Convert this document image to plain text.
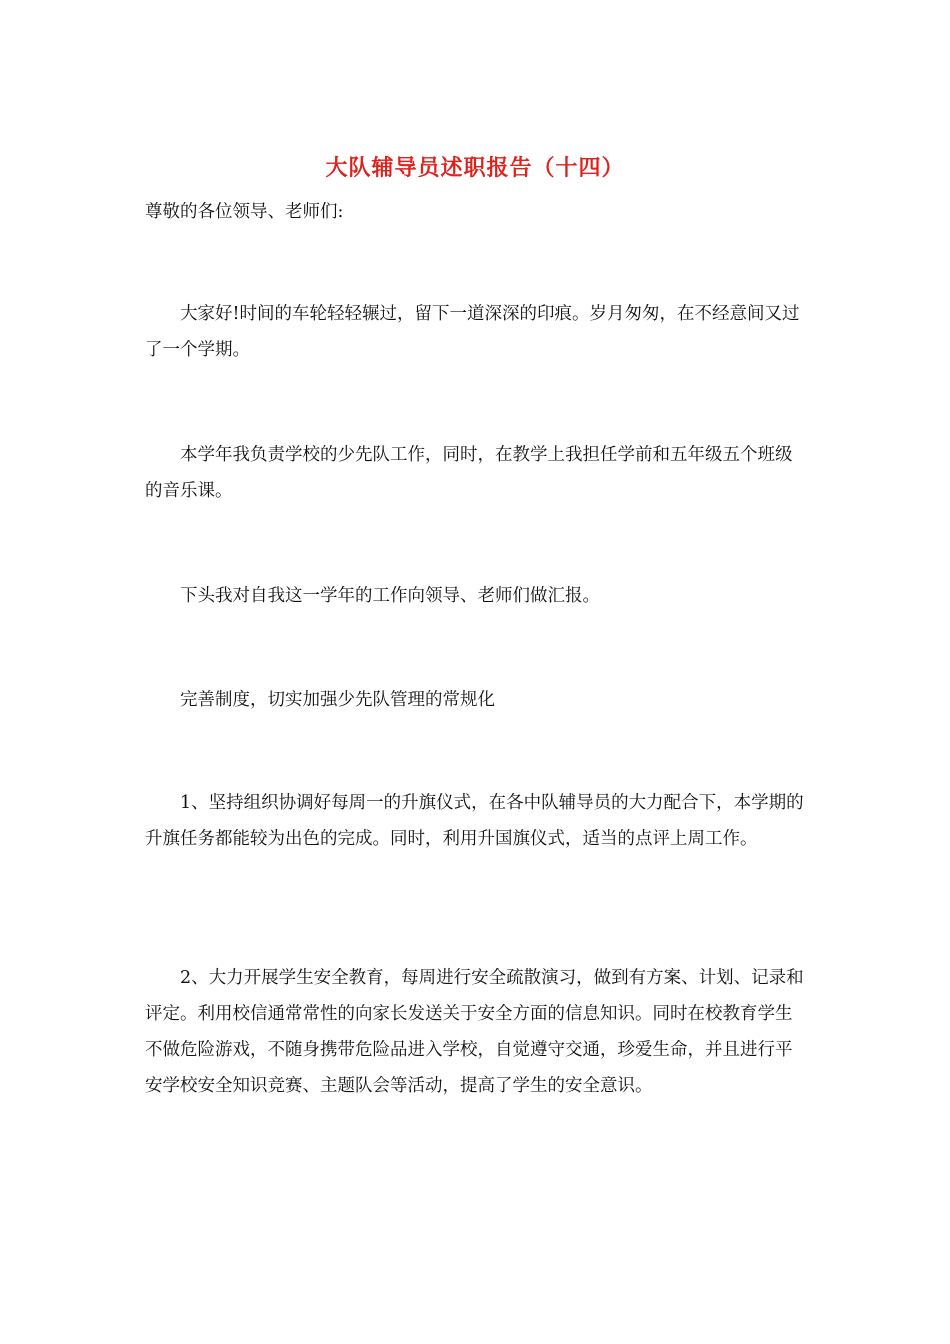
大队辅导员述职报告（十四）

尊敬的各位领导、老师们:

大家好!时间的车轮轻轻辗过，留下一道深深的印痕。岁月匆匆，在不经意间又过了一个学期。

本学年我负责学校的少先队工作，同时，在教学上我担任学前和五年级五个班级的音乐课。

下头我对自我这一学年的工作向领导、老师们做汇报。

完善制度，切实加强少先队管理的常规化

1、坚持组织协调好每周一的升旗仪式，在各中队辅导员的大力配合下，本学期的升旗任务都能较为出色的完成。同时，利用升国旗仪式，适当的点评上周工作。

2、大力开展学生安全教育，每周进行安全疏散演习，做到有方案、计划、记录和评定。利用校信通常常性的向家长发送关于安全方面的信息知识。同时在校教育学生不做危险游戏，不随身携带危险品进入学校，自觉遵守交通，珍爱生命，并且进行平安学校安全知识竞赛、主题队会等活动，提高了学生的安全意识。
